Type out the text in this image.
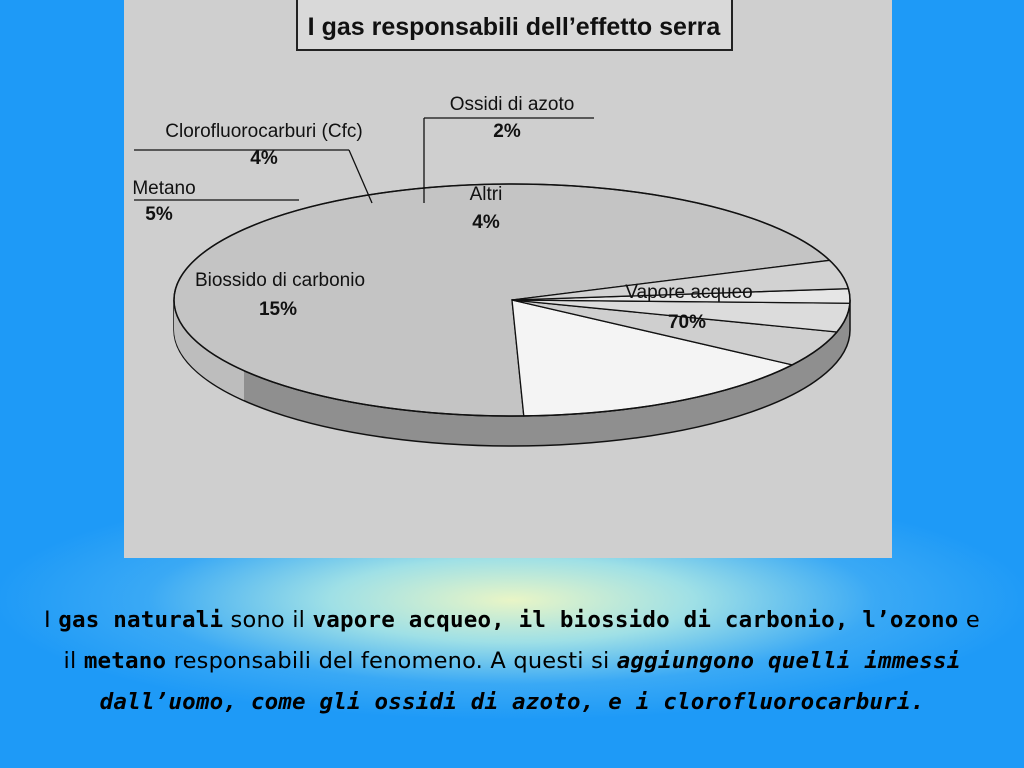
I gas responsabili dell’effetto serra
Vapore acqueo
70%
Biossido di carbonio
15%
Metano
5%
Clorofluorocarburi (Cfc)
4%
Ossidi di azoto
2%
Altri
4%
I gas naturali sono il vapore acqueo, il biossido di carbonio, l’ozono e il metano responsabili del fenomeno. A questi si aggiungono quelli immessi dall’uomo, come gli ossidi di azoto, e i clorofluorocarburi.
